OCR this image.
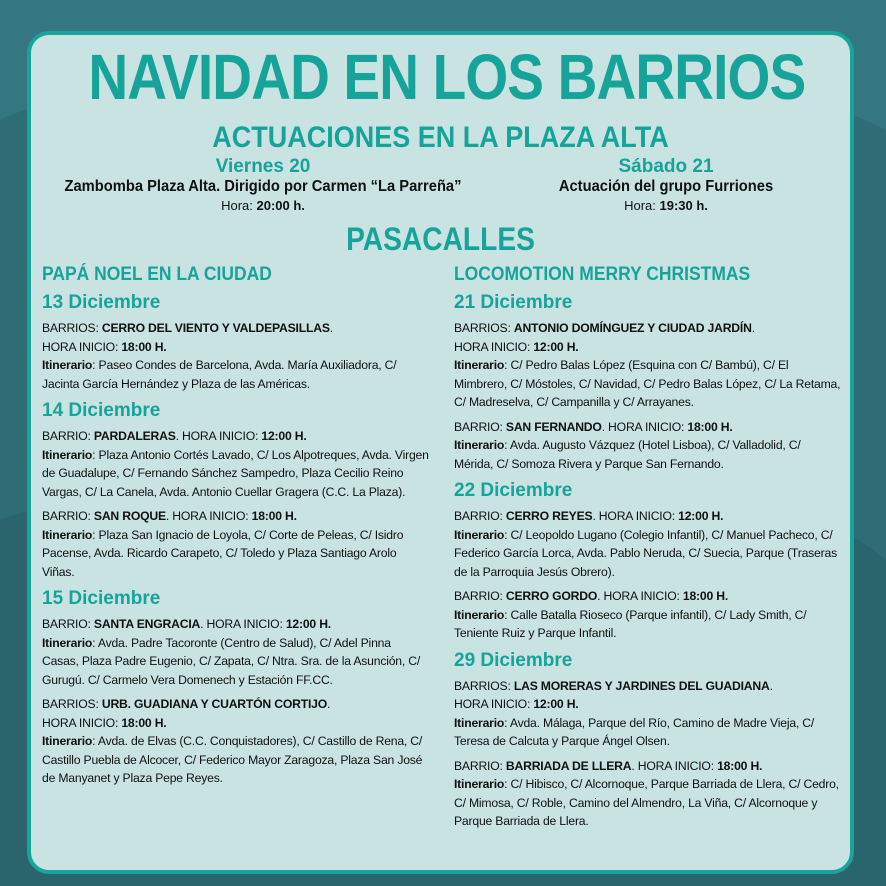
NAVIDAD EN LOS BARRIOS
ACTUACIONES EN LA PLAZA ALTA
Viernes 20
Zambomba Plaza Alta. Dirigido por Carmen “La Parreña”
Hora: 20:00 h.
Sábado 21
Actuación del grupo Furriones
Hora: 19:30 h.
PASACALLES
PAPÁ NOEL EN LA CIUDAD
13 Diciembre
BARRIOS: CERRO DEL VIENTO Y VALDEPASILLAS.
HORA INICIO: 18:00 H.
Itinerario: Paseo Condes de Barcelona, Avda. María Auxiliadora, C/ Jacinta García Hernández y Plaza de las Américas.
14 Diciembre
BARRIO: PARDALERAS. HORA INICIO: 12:00 H.
Itinerario: Plaza Antonio Cortés Lavado, C/ Los Alpotreques, Avda. Virgen de Guadalupe, C/ Fernando Sánchez Sampedro, Plaza Cecilio Reino Vargas, C/ La Canela, Avda. Antonio Cuellar Gragera (C.C. La Plaza).
BARRIO: SAN ROQUE. HORA INICIO: 18:00 H.
Itinerario: Plaza San Ignacio de Loyola, C/ Corte de Peleas, C/ Isidro Pacense, Avda. Ricardo Carapeto, C/ Toledo y Plaza Santiago Arolo Viñas.
15 Diciembre
BARRIO: SANTA ENGRACIA. HORA INICIO: 12:00 H.
Itinerario: Avda. Padre Tacoronte (Centro de Salud), C/ Adel Pinna Casas, Plaza Padre Eugenio, C/ Zapata, C/ Ntra. Sra. de la Asunción, C/ Gurugú. C/ Carmelo Vera Domenech y Estación FF.CC.
BARRIOS: URB. GUADIANA Y CUARTÓN CORTIJO.
HORA INICIO: 18:00 H.
Itinerario: Avda. de Elvas (C.C. Conquistadores), C/ Castillo de Rena, C/ Castillo Puebla de Alcocer, C/ Federico Mayor Zaragoza, Plaza San José de Manyanet y Plaza Pepe Reyes.
LOCOMOTION MERRY CHRISTMAS
21 Diciembre
BARRIOS: ANTONIO DOMÍNGUEZ Y CIUDAD JARDÍN.
HORA INICIO: 12:00 H.
Itinerario: C/ Pedro Balas López (Esquina con C/ Bambú), C/ El Mimbrero, C/ Móstoles, C/ Navidad, C/ Pedro Balas López, C/ La Retama, C/ Madreselva, C/ Campanilla y C/ Arrayanes.
BARRIO: SAN FERNANDO. HORA INICIO: 18:00 H.
Itinerario: Avda. Augusto Vázquez (Hotel Lisboa), C/ Valladolid, C/ Mérida, C/ Somoza Rivera y Parque San Fernando.
22 Diciembre
BARRIO: CERRO REYES. HORA INICIO: 12:00 H.
Itinerario: C/ Leopoldo Lugano (Colegio Infantil), C/ Manuel Pacheco, C/ Federico García Lorca, Avda. Pablo Neruda, C/ Suecia, Parque (Traseras de la Parroquia Jesús Obrero).
BARRIO: CERRO GORDO. HORA INICIO: 18:00 H.
Itinerario: Calle Batalla Rioseco (Parque infantil), C/ Lady Smith, C/ Teniente Ruiz y Parque Infantil.
29 Diciembre
BARRIOS: LAS MORERAS Y JARDINES DEL GUADIANA.
HORA INICIO: 12:00 H.
Itinerario: Avda. Málaga, Parque del Río, Camino de Madre Vieja, C/ Teresa de Calcuta y Parque Ángel Olsen.
BARRIO: BARRIADA DE LLERA. HORA INICIO: 18:00 H.
Itinerario: C/ Hibisco, C/ Alcornoque, Parque Barriada de Llera, C/ Cedro, C/ Mimosa, C/ Roble, Camino del Almendro, La Viña, C/ Alcornoque y Parque Barriada de Llera.
